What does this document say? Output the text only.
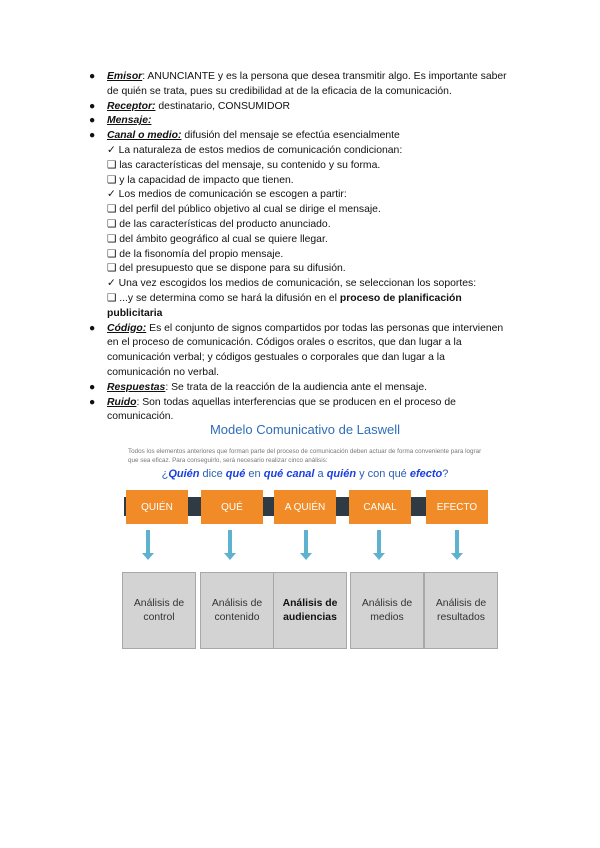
● Emisor: ANUNCIANTE y es la persona que desea transmitir algo. Es importante saber de quién se trata, pues su credibilidad at de la eficacia de la comunicación.
● Receptor: destinatario, CONSUMIDOR
● Mensaje:
● Canal o medio: difusión del mensaje se efectúa esencialmente
✓ La naturaleza de estos medios de comunicación condicionan:
❑ las características del mensaje, su contenido y su forma.
❑ y la capacidad de impacto que tienen.
✓ Los medios de comunicación se escogen a partir:
❑ del perfil del público objetivo al cual se dirige el mensaje.
❑ de las características del producto anunciado.
❑ del ámbito geográfico al cual se quiere llegar.
❑ de la fisonomía del propio mensaje.
❑ del presupuesto que se dispone para su difusión.
✓ Una vez escogidos los medios de comunicación, se seleccionan los soportes:
❑ ...y se determina como se hará la difusión en el proceso de planificación publicitaria
● Código: Es el conjunto de signos compartidos por todas las personas que intervienen en el proceso de comunicación. Códigos orales o escritos, que dan lugar a la comunicación verbal; y códigos gestuales o corporales que dan lugar a la comunicación no verbal.
● Respuestas: Se trata de la reacción de la audiencia ante el mensaje.
● Ruido: Son todas aquellas interferencias que se producen en el proceso de comunicación.
Modelo Comunicativo de Laswell
Todos los elementos anteriores que forman parte del proceso de comunicación deben actuar de forma conveniente para lograr que sea eficaz. Para conseguirlo, será necesario realizar cinco análisis:
¿Quién dice qué en qué canal a quién y con qué efecto?
QUIÉN	QUÉ	A QUIÉN	CANAL	EFECTO
Análisis de control
Análisis de contenido
Análisis de audiencias
Análisis de medios
Análisis de resultados
